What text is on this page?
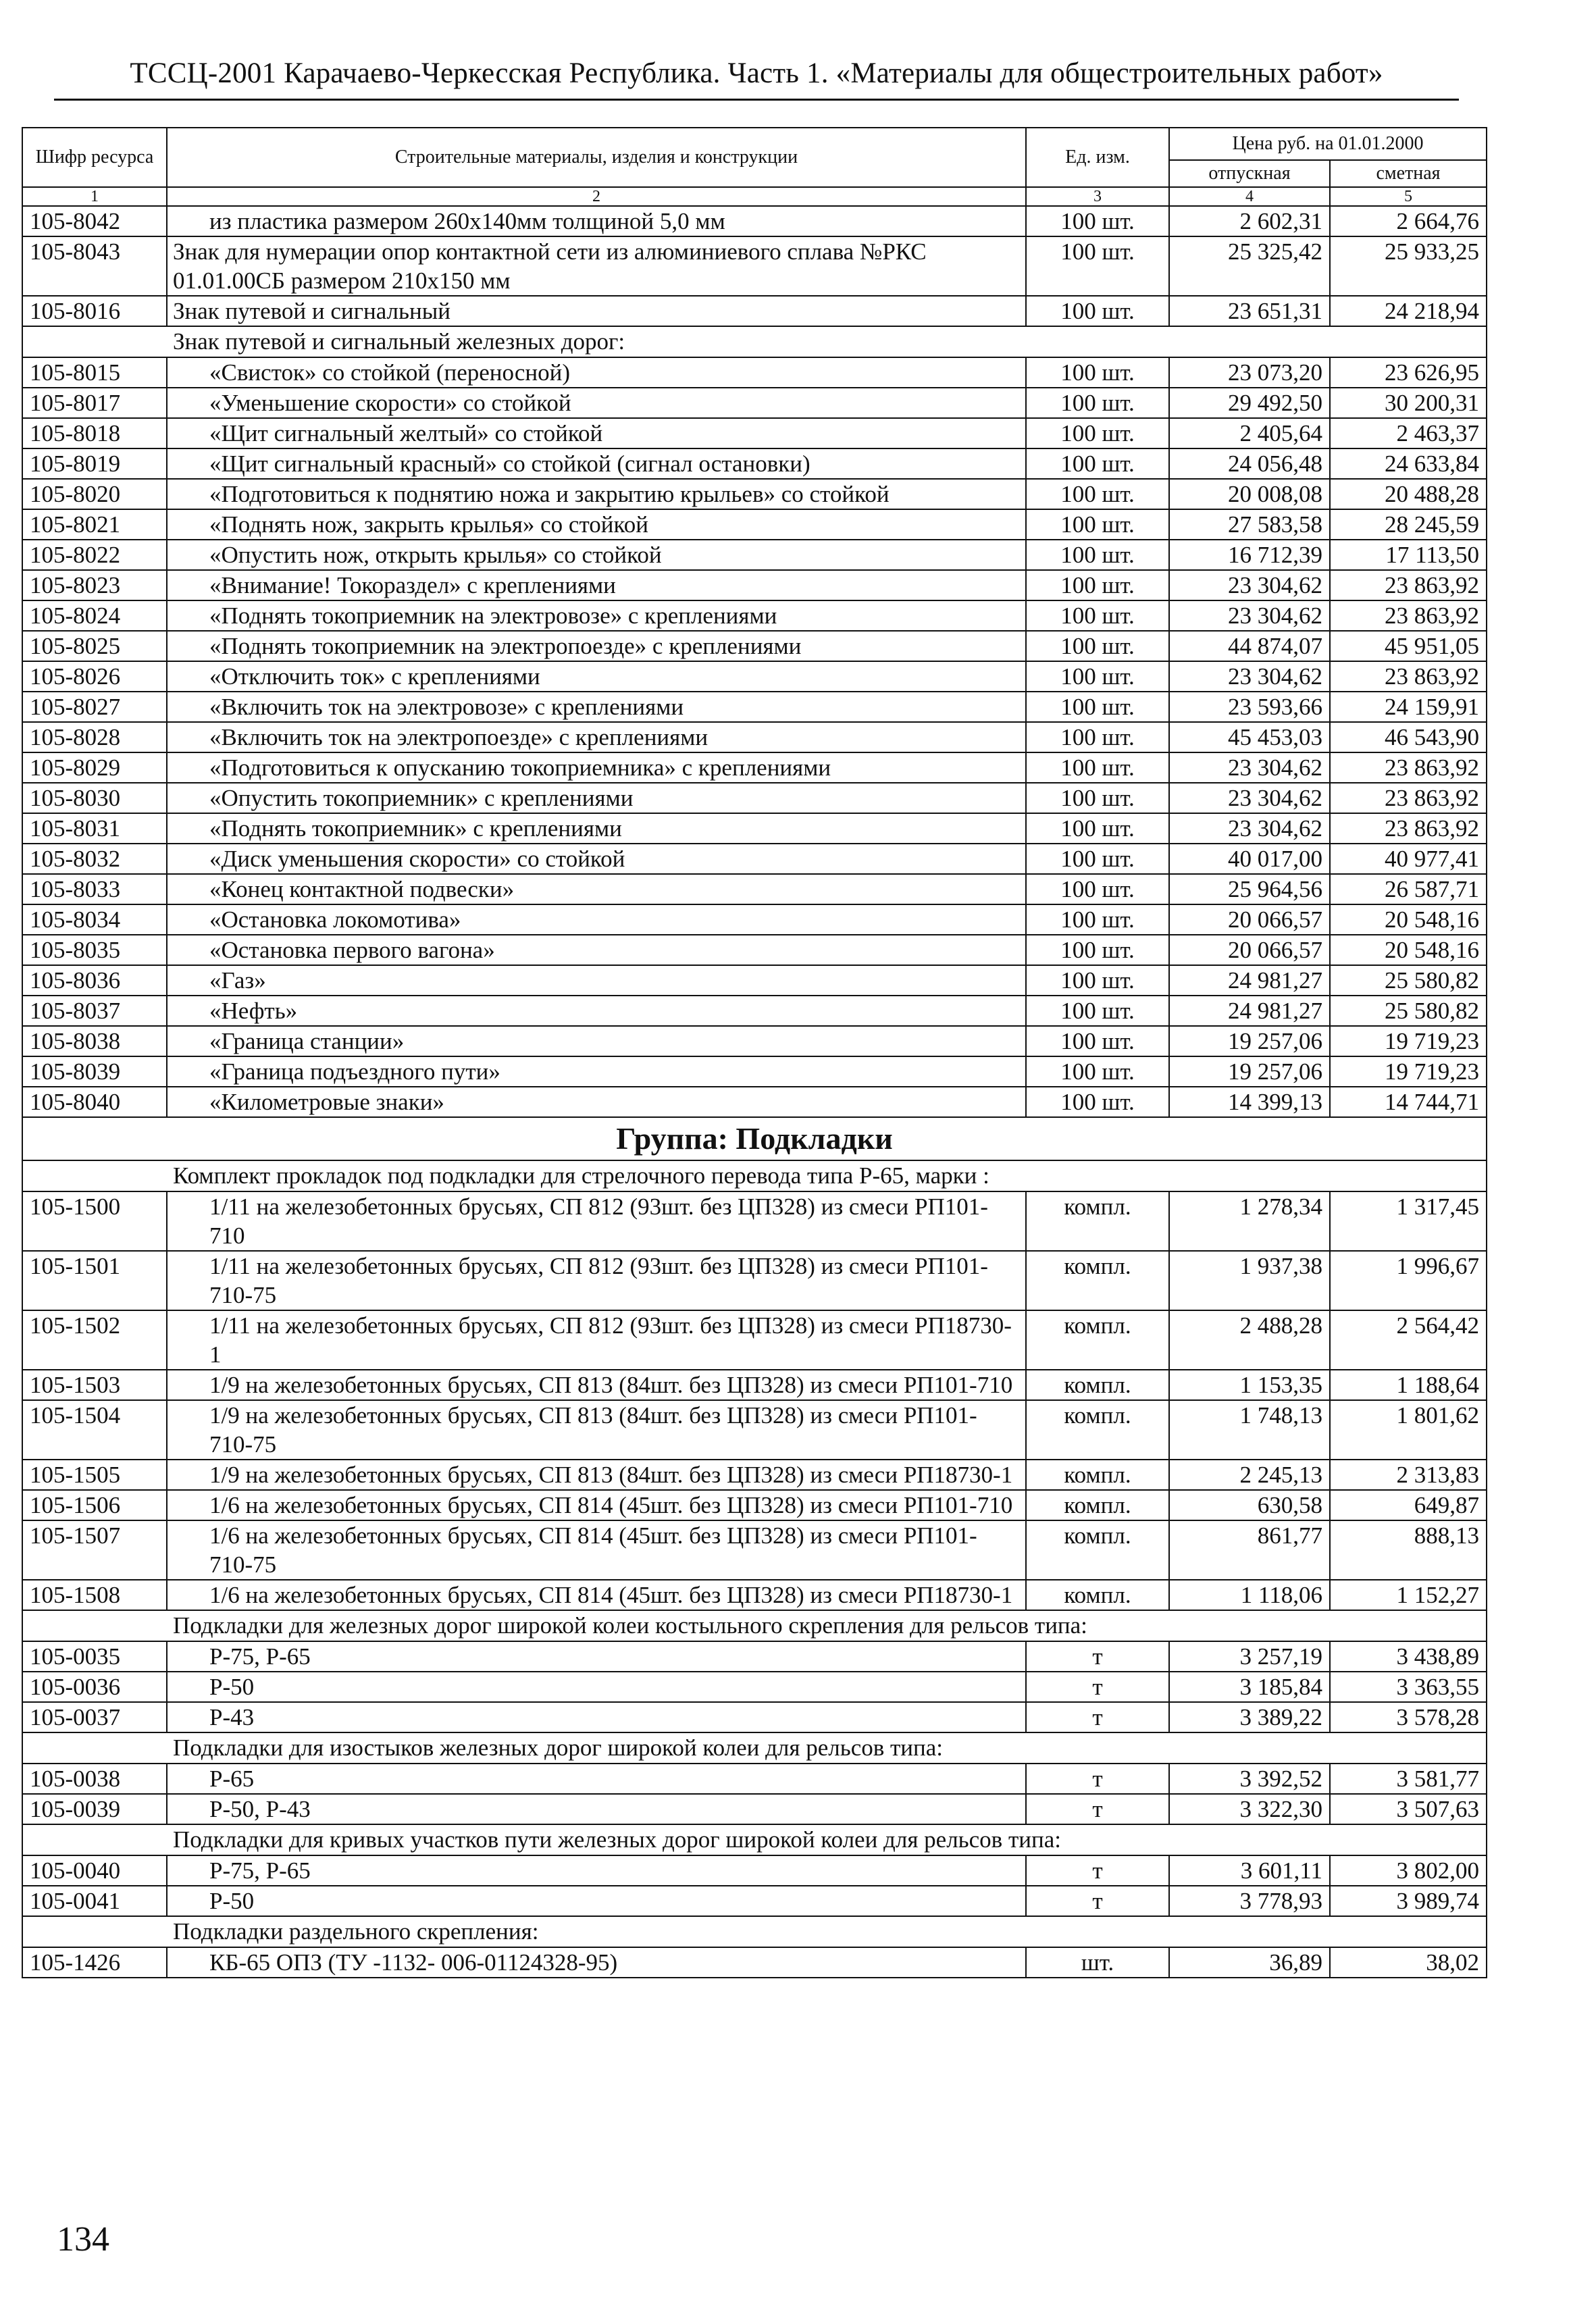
ТССЦ-2001 Карачаево-Черкесская Республика. Часть 1. «Материалы для общестроительных работ»
Шифр ресурса	Строительные материалы, изделия и конструкции	Ед. изм.	Цена руб. на 01.01.2000	
			отпускная	сметная
1	2	3	4	5
105-8042	из пластика размером 260х140мм толщиной 5,0 мм	100 шт.	2 602,31	2 664,76
105-8043	Знак для нумерации опор контактной сети из алюминиевого сплава №РКС 01.01.00СБ размером 210х150 мм	100 шт.	25 325,42	25 933,25
105-8016	Знак путевой и сигнальный	100 шт.	23 651,31	24 218,94
Знак путевой и сигнальный железных дорог:				
105-8015	«Свисток» со стойкой (переносной)	100 шт.	23 073,20	23 626,95
105-8017	«Уменьшение скорости» со стойкой	100 шт.	29 492,50	30 200,31
105-8018	«Щит сигнальный желтый» со стойкой	100 шт.	2 405,64	2 463,37
105-8019	«Щит сигнальный красный» со стойкой (сигнал остановки)	100 шт.	24 056,48	24 633,84
105-8020	«Подготовиться к поднятию ножа и закрытию крыльев» со стойкой	100 шт.	20 008,08	20 488,28
105-8021	«Поднять нож, закрыть крылья» со стойкой	100 шт.	27 583,58	28 245,59
105-8022	«Опустить нож, открыть крылья» со стойкой	100 шт.	16 712,39	17 113,50
105-8023	«Внимание! Токораздел» с креплениями	100 шт.	23 304,62	23 863,92
105-8024	«Поднять токоприемник на электровозе» с креплениями	100 шт.	23 304,62	23 863,92
105-8025	«Поднять токоприемник на электропоезде» с креплениями	100 шт.	44 874,07	45 951,05
105-8026	«Отключить ток» с креплениями	100 шт.	23 304,62	23 863,92
105-8027	«Включить ток на электровозе» с креплениями	100 шт.	23 593,66	24 159,91
105-8028	«Включить ток на электропоезде» с креплениями	100 шт.	45 453,03	46 543,90
105-8029	«Подготовиться к опусканию токоприемника» с креплениями	100 шт.	23 304,62	23 863,92
105-8030	«Опустить токоприемник» с креплениями	100 шт.	23 304,62	23 863,92
105-8031	«Поднять токоприемник» с креплениями	100 шт.	23 304,62	23 863,92
105-8032	«Диск уменьшения скорости» со стойкой	100 шт.	40 017,00	40 977,41
105-8033	«Конец контактной подвески»	100 шт.	25 964,56	26 587,71
105-8034	«Остановка локомотива»	100 шт.	20 066,57	20 548,16
105-8035	«Остановка первого вагона»	100 шт.	20 066,57	20 548,16
105-8036	«Газ»	100 шт.	24 981,27	25 580,82
105-8037	«Нефть»	100 шт.	24 981,27	25 580,82
105-8038	«Граница станции»	100 шт.	19 257,06	19 719,23
105-8039	«Граница подъездного пути»	100 шт.	19 257,06	19 719,23
105-8040	«Километровые знаки»	100 шт.	14 399,13	14 744,71
Группа: Подкладки				
Комплект прокладок под подкладки для стрелочного перевода типа Р-65, марки :				
105-1500	1/11 на железобетонных брусьях, СП 812 (93шт. без ЦП328) из смеси РП101-710	компл.	1 278,34	1 317,45
105-1501	1/11 на железобетонных брусьях, СП 812 (93шт. без ЦП328) из смеси РП101-710-75	компл.	1 937,38	1 996,67
105-1502	1/11 на железобетонных брусьях, СП 812 (93шт. без ЦП328) из смеси РП18730-1	компл.	2 488,28	2 564,42
105-1503	1/9 на железобетонных брусьях, СП 813 (84шт. без ЦП328) из смеси РП101-710	компл.	1 153,35	1 188,64
105-1504	1/9 на железобетонных брусьях, СП 813 (84шт. без ЦП328) из смеси РП101-710-75	компл.	1 748,13	1 801,62
105-1505	1/9 на железобетонных брусьях, СП 813 (84шт. без ЦП328) из смеси РП18730-1	компл.	2 245,13	2 313,83
105-1506	1/6 на железобетонных брусьях, СП 814 (45шт. без ЦП328) из смеси РП101-710	компл.	630,58	649,87
105-1507	1/6 на железобетонных брусьях, СП 814 (45шт. без ЦП328) из смеси РП101-710-75	компл.	861,77	888,13
105-1508	1/6 на железобетонных брусьях, СП 814 (45шт. без ЦП328) из смеси РП18730-1	компл.	1 118,06	1 152,27
Подкладки для железных дорог широкой колеи костыльного скрепления для рельсов типа:				
105-0035	Р-75, Р-65	т	3 257,19	3 438,89
105-0036	Р-50	т	3 185,84	3 363,55
105-0037	Р-43	т	3 389,22	3 578,28
Подкладки для изостыков железных дорог широкой колеи для рельсов типа:				
105-0038	Р-65	т	3 392,52	3 581,77
105-0039	Р-50, Р-43	т	3 322,30	3 507,63
Подкладки для кривых участков пути железных дорог широкой колеи для рельсов типа:				
105-0040	Р-75, Р-65	т	3 601,11	3 802,00
105-0041	Р-50	т	3 778,93	3 989,74
Подкладки раздельного скрепления:				
105-1426	КБ-65 ОПЗ (ТУ -1132- 006-01124328-95)	шт.	36,89	38,02
134
